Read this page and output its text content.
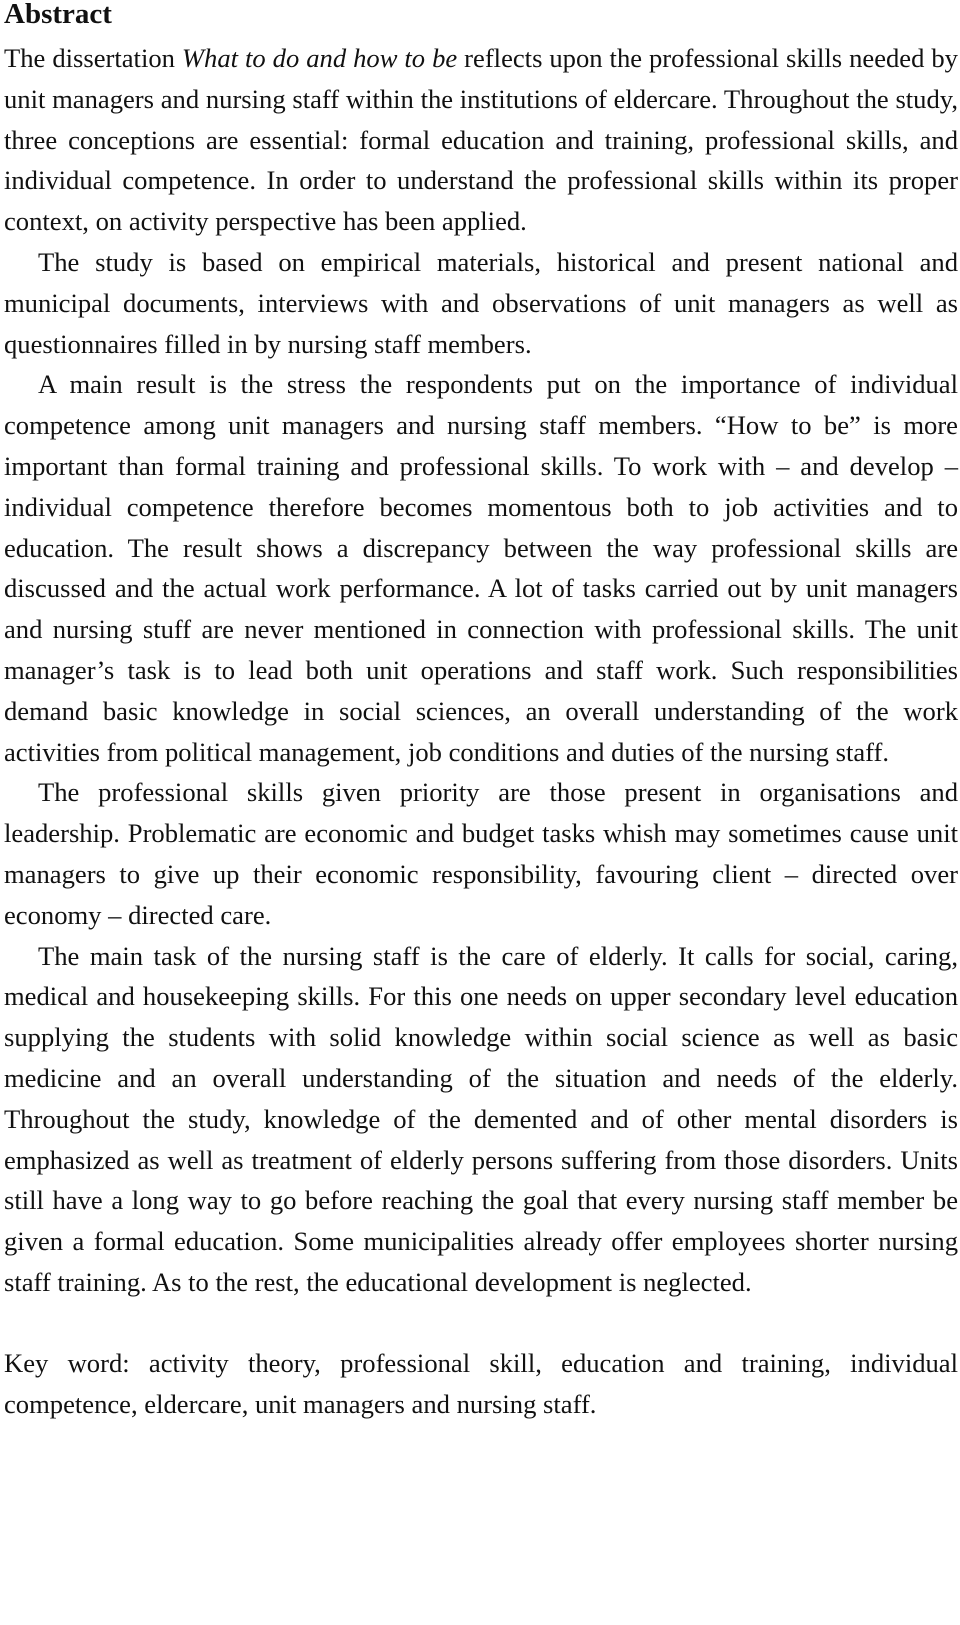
Abstract

The dissertation What to do and how to be reflects upon the professional skills needed by unit managers and nursing staff within the institutions of eldercare. Throughout the study, three conceptions are essential: formal education and training, professional skills, and individual competence. In order to understand the professional skills within its proper context, on activity perspective has been applied.

The study is based on empirical materials, historical and present national and municipal documents, interviews with and observations of unit managers as well as questionnaires filled in by nursing staff members.

A main result is the stress the respondents put on the importance of individual competence among unit managers and nursing staff members. “How to be” is more important than formal training and professional skills. To work with – and develop – individual competence therefore becomes momentous both to job activities and to education. The result shows a discrepancy between the way professional skills are discussed and the actual work performance. A lot of tasks carried out by unit managers and nursing stuff are never mentioned in connection with professional skills. The unit manager’s task is to lead both unit operations and staff work. Such responsibilities demand basic knowledge in social sciences, an overall understanding of the work activities from political management, job conditions and duties of the nursing staff.

The professional skills given priority are those present in organisations and leadership. Problematic are economic and budget tasks whish may sometimes cause unit managers to give up their economic responsibility, favouring client – directed over economy – directed care.

The main task of the nursing staff is the care of elderly. It calls for social, caring, medical and housekeeping skills. For this one needs on upper secondary level education supplying the students with solid knowledge within social science as well as basic medicine and an overall understanding of the situation and needs of the elderly. Throughout the study, knowledge of the demented and of other mental disorders is emphasized as well as treatment of elderly persons suffering from those disorders. Units still have a long way to go before reaching the goal that every nursing staff member be given a formal education. Some municipalities already offer employees shorter nursing staff training. As to the rest, the educational development is neglected.

Key word: activity theory, professional skill, education and training, individual competence, eldercare, unit managers and nursing staff.
